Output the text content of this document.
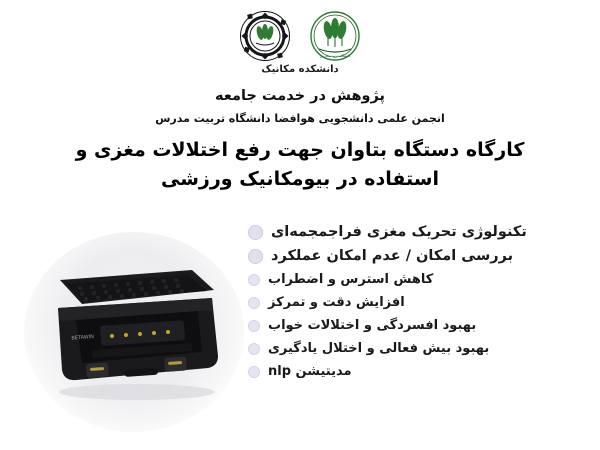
دانشگاه تربیت مدرس
دانشکده مکانیک
پژوهش در خدمت جامعه
انجمن علمی دانشجویی هوافضا دانشگاه تربیت مدرس
کارگاه دستگاه بتاوان جهت رفع اختلالات مغزی و
استفاده در بیومکانیک ورزشی
تکنولوژی تحریک مغزی فراجمجمه‌ای
بررسی امکان / عدم امکان عملکرد
کاهش استرس و اضطراب
افزایش دقت و تمرکز
بهبود افسردگی و اختلالات خواب
بهبود بیش فعالی و اختلال یادگیری
مدیتیشن nlp
BETAWIN
